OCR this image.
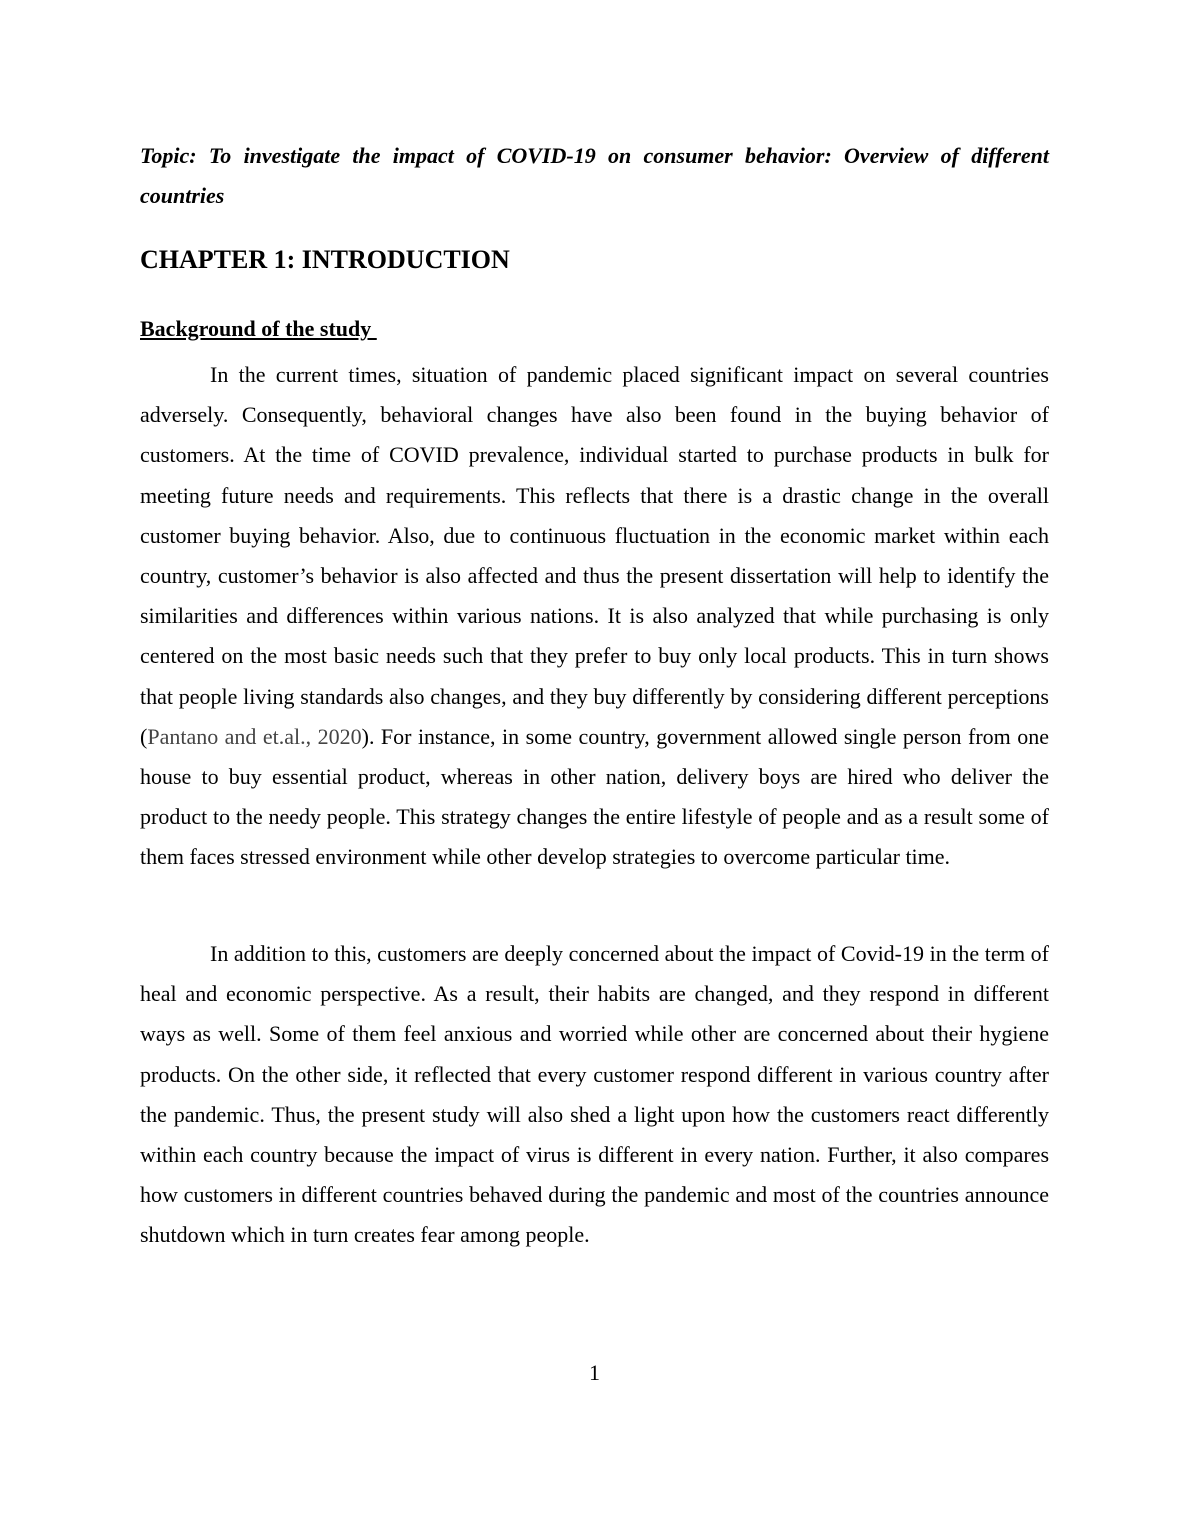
Topic: To investigate the impact of COVID-19 on consumer behavior: Overview of different countries

CHAPTER 1: INTRODUCTION
Background of the study

In the current times, situation of pandemic placed significant impact on several countries adversely. Consequently, behavioral changes have also been found in the buying behavior of customers. At the time of COVID prevalence, individual started to purchase products in bulk for meeting future needs and requirements. This reflects that there is a drastic change in the overall customer buying behavior. Also, due to continuous fluctuation in the economic market within each country, customer’s behavior is also affected and thus the present dissertation will help to identify the similarities and differences within various nations. It is also analyzed that while purchasing is only centered on the most basic needs such that they prefer to buy only local products. This in turn shows that people living standards also changes, and they buy differently by considering different perceptions (Pantano and et.al., 2020). For instance, in some country, government allowed single person from one house to buy essential product, whereas in other nation, delivery boys are hired who deliver the product to the needy people. This strategy changes the entire lifestyle of people and as a result some of them faces stressed environment while other develop strategies to overcome particular time.

In addition to this, customers are deeply concerned about the impact of Covid-19 in the term of heal and economic perspective. As a result, their habits are changed, and they respond in different ways as well. Some of them feel anxious and worried while other are concerned about their hygiene products. On the other side, it reflected that every customer respond different in various country after the pandemic. Thus, the present study will also shed a light upon how the customers react differently within each country because the impact of virus is different in every nation. Further, it also compares how customers in different countries behaved during the pandemic and most of the countries announce shutdown which in turn creates fear among people.

1
